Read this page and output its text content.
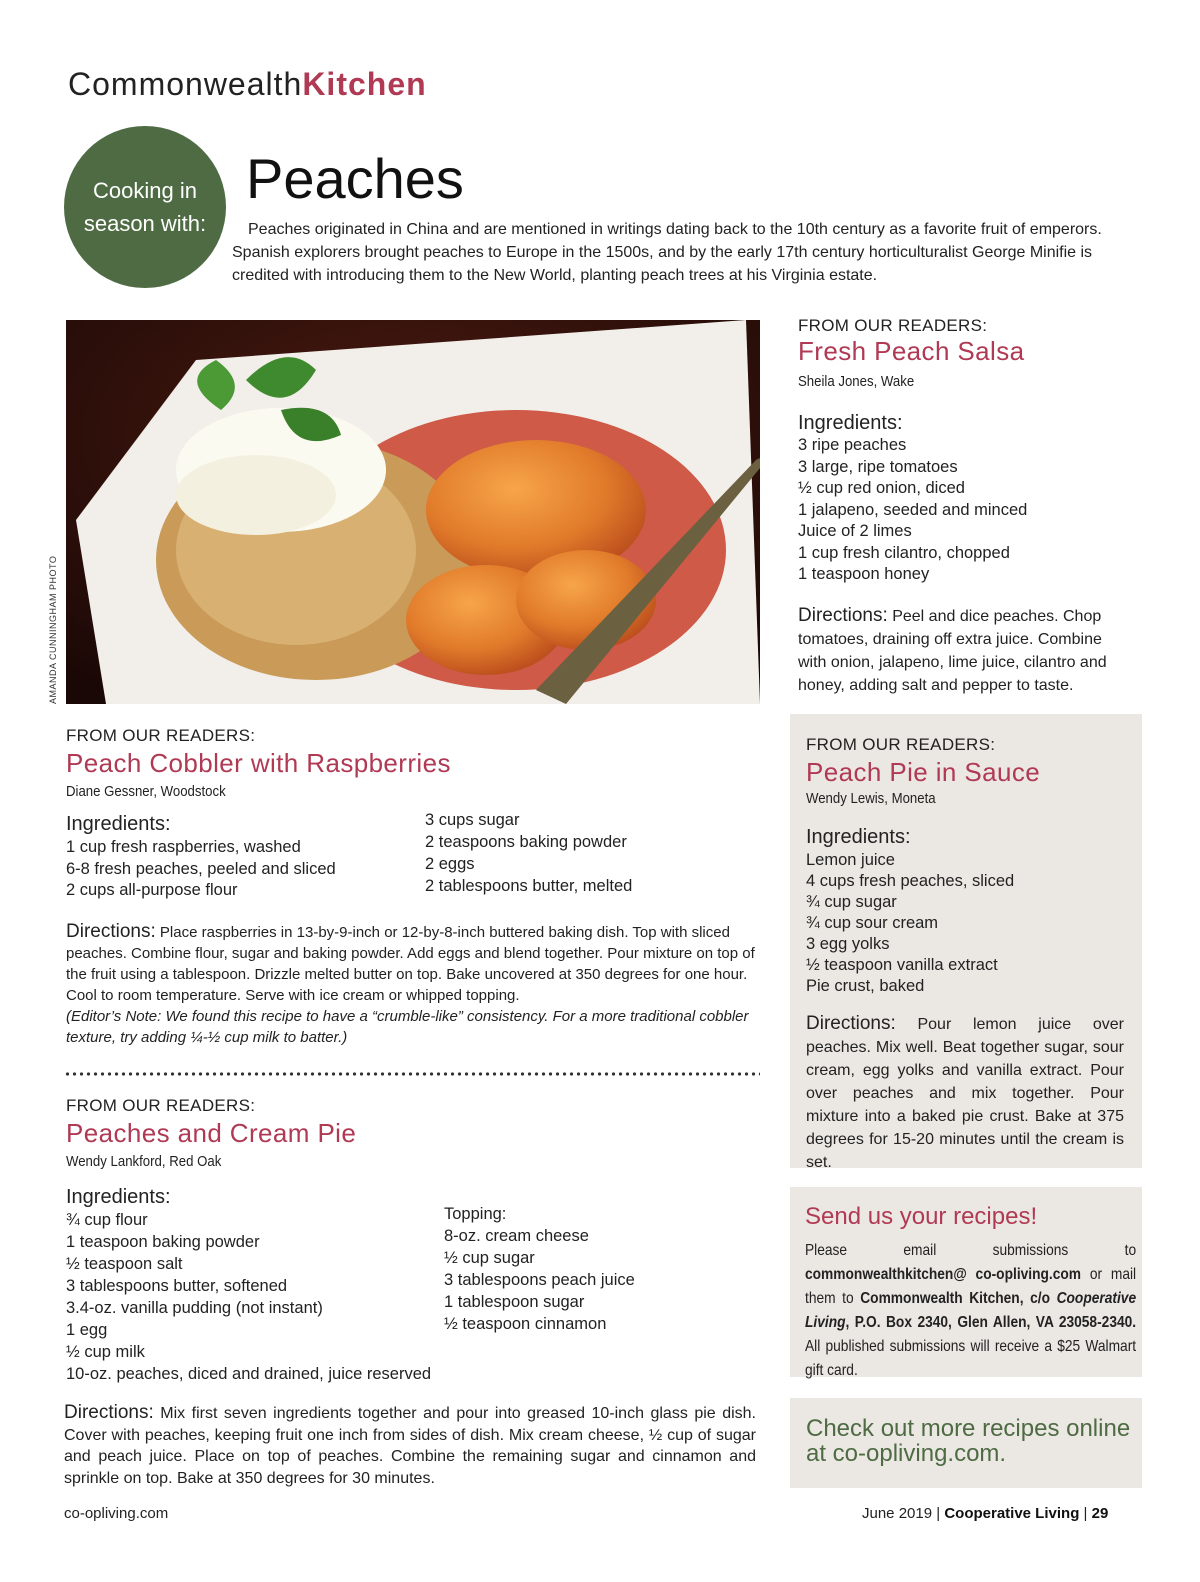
CommonwealthKitchen
Cooking in season with:
Peaches
Peaches originated in China and are mentioned in writings dating back to the 10th century as a favorite fruit of emperors. Spanish explorers brought peaches to Europe in the 1500s, and by the early 17th century horticulturalist George Minifie is credited with introducing them to the New World, planting peach trees at his Virginia estate.
AMANDA CUNNINGHAM PHOTO
FROM OUR READERS:
Fresh Peach Salsa
Sheila Jones, Wake
Ingredients:
3 ripe peaches
3 large, ripe tomatoes
½ cup red onion, diced
1 jalapeno, seeded and minced
Juice of 2 limes
1 cup fresh cilantro, chopped
1 teaspoon honey
Directions: Peel and dice peaches. Chop tomatoes, draining off extra juice. Combine with onion, jalapeno, lime juice, cilantro and honey, adding salt and pepper to taste.
FROM OUR READERS:
Peach Pie in Sauce
Wendy Lewis, Moneta
Ingredients:
Lemon juice
4 cups fresh peaches, sliced
¾ cup sugar
¾ cup sour cream
3 egg yolks
½ teaspoon vanilla extract
Pie crust, baked
Directions: Pour lemon juice over peaches. Mix well. Beat together sugar, sour cream, egg yolks and vanilla extract. Pour over peaches and mix together. Pour mixture into a baked pie crust. Bake at 375 degrees for 15-20 minutes until the cream is set.
Send us your recipes!
Please email submissions to commonwealthkitchen@ co-opliving.com or mail them to Commonwealth Kitchen, c/o Cooperative Living, P.O. Box 2340, Glen Allen, VA 23058-2340. All published submissions will receive a $25 Walmart gift card.
Check out more recipes online at co-opliving.com.
FROM OUR READERS:
Peach Cobbler with Raspberries
Diane Gessner, Woodstock
Ingredients:
1 cup fresh raspberries, washed
6-8 fresh peaches, peeled and sliced
2 cups all-purpose flour
3 cups sugar
2 teaspoons baking powder
2 eggs
2 tablespoons butter, melted
Directions: Place raspberries in 13-by-9-inch or 12-by-8-inch buttered baking dish. Top with sliced peaches. Combine flour, sugar and baking powder. Add eggs and blend together. Pour mixture on top of the fruit using a tablespoon. Drizzle melted butter on top. Bake uncovered at 350 degrees for one hour. Cool to room temperature. Serve with ice cream or whipped topping.
(Editor’s Note: We found this recipe to have a “crumble-like” consistency. For a more traditional cobbler texture, try adding ¼-½ cup milk to batter.)
FROM OUR READERS:
Peaches and Cream Pie
Wendy Lankford, Red Oak
Ingredients:
¾ cup flour
1 teaspoon baking powder
½ teaspoon salt
3 tablespoons butter, softened
3.4-oz. vanilla pudding (not instant)
1 egg
½ cup milk
10-oz. peaches, diced and drained, juice reserved
Topping:
8-oz. cream cheese
½ cup sugar
3 tablespoons peach juice
1 tablespoon sugar
½ teaspoon cinnamon
Directions: Mix first seven ingredients together and pour into greased 10-inch glass pie dish. Cover with peaches, keeping fruit one inch from sides of dish. Mix cream cheese, ½ cup of sugar and peach juice. Place on top of peaches. Combine the remaining sugar and cinnamon and sprinkle on top. Bake at 350 degrees for 30 minutes.
co-opliving.com	June 2019 | Cooperative Living | 29
